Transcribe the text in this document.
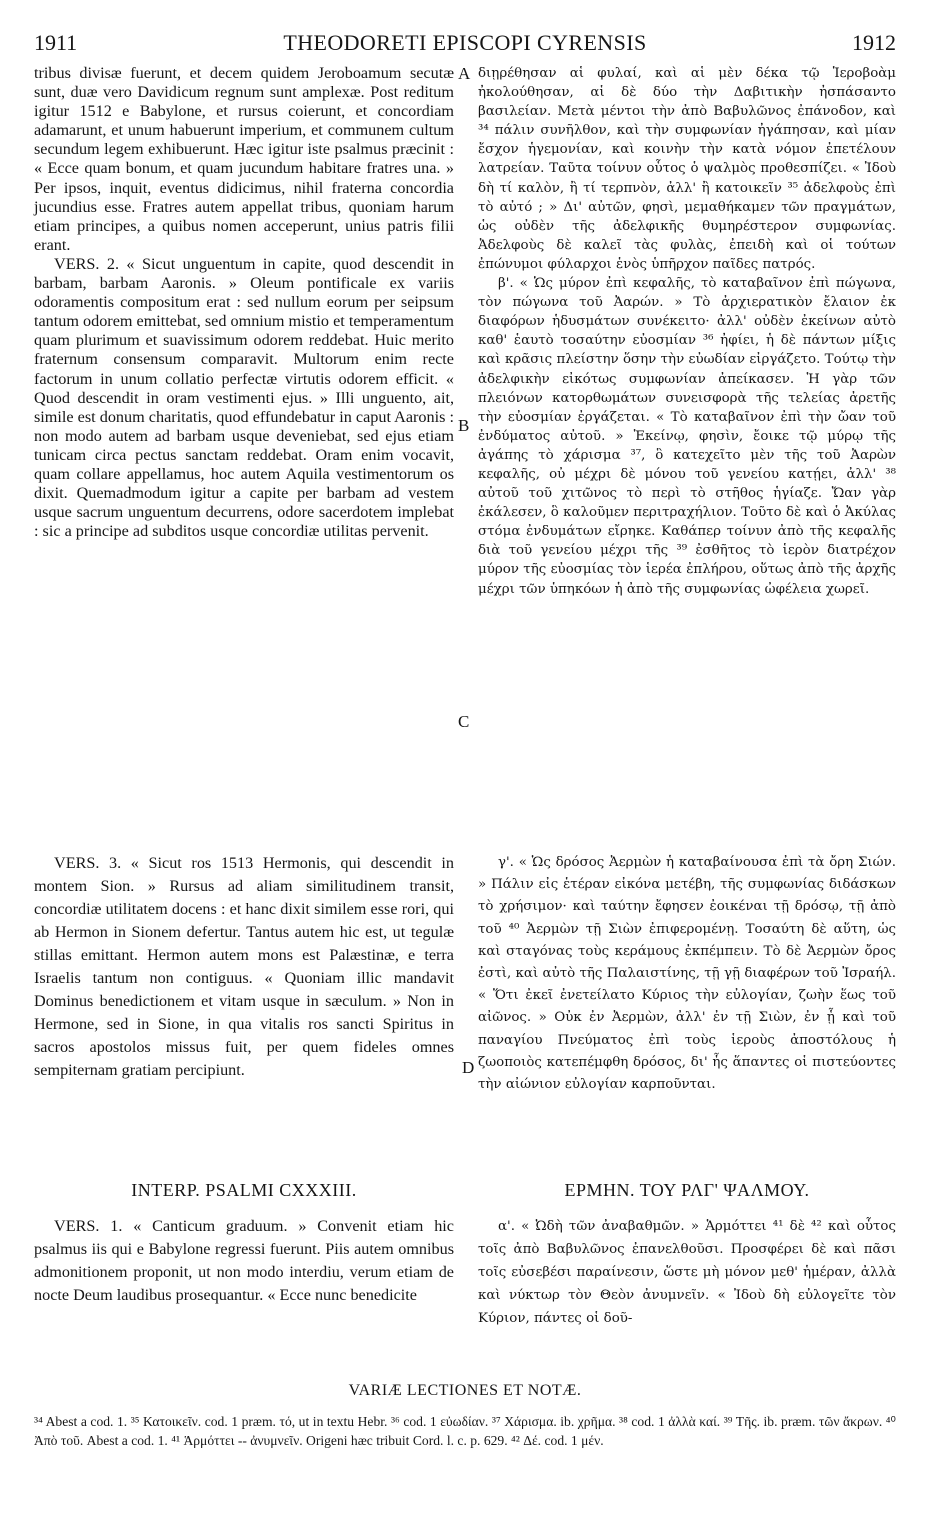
1911	THEODORETI EPISCOPI CYRENSIS	1912

tribus divisæ fuerunt, et decem quidem Jeroboamum secutæ sunt, duæ vero Davidicum regnum sunt amplexæ. Post reditum igitur 1512 e Babylone, et rursus coierunt, et concordiam adamarunt, et unum habuerunt imperium, et communem cultum secundum legem exhibuerunt. Hæc igitur iste psalmus præcinit : « Ecce quam bonum, et quam jucundum habitare fratres una. » Per ipsos, inquit, eventus didicimus, nihil fraterna concordia jucundius esse. Fratres autem appellat tribus, quoniam harum etiam principes, a quibus nomen acceperunt, unius patris filii erant.

VERS. 2. « Sicut unguentum in capite, quod descendit in barbam, barbam Aaronis. » Oleum pontificale ex variis odoramentis compositum erat : sed nullum eorum per seipsum tantum odorem emittebat, sed omnium mistio et temperamentum quam plurimum et suavissimum odorem reddebat. Huic merito fraternum consensum comparavit. Multorum enim recte factorum in unum collatio perfectæ virtutis odorem efficit. « Quod descendit in oram vestimenti ejus. » Illi unguento, ait, simile est donum charitatis, quod effundebatur in caput Aaronis : non modo autem ad barbam usque deveniebat, sed ejus etiam tunicam circa pectus sanctam reddebat. Oram enim vocavit, quam collare appellamus, hoc autem Aquila vestimentorum os dixit. Quemadmodum igitur a capite per barbam ad vestem usque sacrum unguentum decurrens, odore sacerdotem implebat : sic a principe ad subditos usque concordiæ utilitas pervenit.

VERS. 3. « Sicut ros 1513 Hermonis, qui descendit in montem Sion. » Rursus ad aliam similitudinem transit, concordiæ utilitatem docens : et hanc dixit similem esse rori, qui ab Hermon in Sionem defertur. Tantus autem hic est, ut tegulæ stillas emittant. Hermon autem mons est Palæstinæ, e terra Israelis tantum non contiguus. « Quoniam illic mandavit Dominus benedictionem et vitam usque in sæculum. » Non in Hermone, sed in Sione, in qua vitalis ros sancti Spiritus in sacros apostolos missus fuit, per quem fideles omnes sempiternam gratiam percipiunt.

INTERP. PSALMI CXXXIII.

VERS. 1. « Canticum graduum. » Convenit etiam hic psalmus iis qui e Babylone regressi fuerunt. Piis autem omnibus admonitionem proponit, ut non modo interdiu, verum etiam de nocte Deum laudibus prosequantur. « Ecce nunc benedicite

A
B
C
D

διῃρέθησαν αἱ φυλαί, καὶ αἱ μὲν δέκα τῷ Ἱεροβοὰμ ἠκολούθησαν, αἱ δὲ δύο τὴν Δαβιτικὴν ἠσπάσαντο βασιλείαν. Μετὰ μέντοι τὴν ἀπὸ Βαβυλῶνος ἐπάνοδον, καὶ ³⁴ πάλιν συνῆλθον, καὶ τὴν συμφωνίαν ἠγάπησαν, καὶ μίαν ἔσχον ἡγεμονίαν, καὶ κοινὴν τὴν κατὰ νόμον ἐπετέλουν λατρείαν. Ταῦτα τοίνυν οὗτος ὁ ψαλμὸς προθεσπίζει. « Ἰδοὺ δὴ τί καλὸν, ἢ τί τερπνὸν, ἀλλ' ἢ κατοικεῖν ³⁵ ἀδελφοὺς ἐπὶ τὸ αὐτό ; » Δι' αὐτῶν, φησὶ, μεμαθήκαμεν τῶν πραγμάτων, ὡς οὐδὲν τῆς ἀδελφικῆς θυμηρέστερον συμφωνίας. Ἀδελφοὺς δὲ καλεῖ τὰς φυλὰς, ἐπειδὴ καὶ οἱ τούτων ἐπώνυμοι φύλαρχοι ἑνὸς ὑπῆρχον παῖδες πατρός.

β'. « Ὡς μύρον ἐπὶ κεφαλῆς, τὸ καταβαῖνον ἐπὶ πώγωνα, τὸν πώγωνα τοῦ Ἀαρών. » Τὸ ἀρχιερατικὸν ἔλαιον ἐκ διαφόρων ἡδυσμάτων συνέκειτο· ἀλλ' οὐδὲν ἐκείνων αὐτὸ καθ' ἑαυτὸ τοσαύτην εὐοσμίαν ³⁶ ἠφίει, ἡ δὲ πάντων μίξις καὶ κρᾶσις πλείστην ὅσην τὴν εὐωδίαν εἰργάζετο. Τούτῳ τὴν ἀδελφικὴν εἰκότως συμφωνίαν ἀπείκασεν. Ἡ γὰρ τῶν πλειόνων κατορθωμάτων συνεισφορὰ τῆς τελείας ἀρετῆς τὴν εὐοσμίαν ἐργάζεται. « Τὸ καταβαῖνον ἐπὶ τὴν ὤαν τοῦ ἐνδύματος αὐτοῦ. » Ἐκείνῳ, φησὶν, ἔοικε τῷ μύρῳ τῆς ἀγάπης τὸ χάρισμα ³⁷, ὃ κατεχεῖτο μὲν τῆς τοῦ Ἀαρὼν κεφαλῆς, οὐ μέχρι δὲ μόνου τοῦ γενείου κατῄει, ἀλλ' ³⁸ αὐτοῦ τοῦ χιτῶνος τὸ περὶ τὸ στῆθος ἡγίαζε. Ὤαν γὰρ ἐκάλεσεν, ὃ καλοῦμεν περιτραχήλιον. Τοῦτο δὲ καὶ ὁ Ἀκύλας στόμα ἐνδυμάτων εἴρηκε. Καθάπερ τοίνυν ἀπὸ τῆς κεφαλῆς διὰ τοῦ γενείου μέχρι τῆς ³⁹ ἐσθῆτος τὸ ἱερὸν διατρέχον μύρον τῆς εὐοσμίας τὸν ἱερέα ἐπλήρου, οὕτως ἀπὸ τῆς ἀρχῆς μέχρι τῶν ὑπηκόων ἡ ἀπὸ τῆς συμφωνίας ὠφέλεια χωρεῖ.

γ'. « Ὡς δρόσος Ἀερμὼν ἡ καταβαίνουσα ἐπὶ τὰ ὄρη Σιών. » Πάλιν εἰς ἑτέραν εἰκόνα μετέβη, τῆς συμφωνίας διδάσκων τὸ χρήσιμον· καὶ ταύτην ἔφησεν ἐοικέναι τῇ δρόσῳ, τῇ ἀπὸ τοῦ ⁴⁰ Ἀερμὼν τῇ Σιὼν ἐπιφερομένῃ. Τοσαύτη δὲ αὕτη, ὡς καὶ σταγόνας τοὺς κεράμους ἐκπέμπειν. Τὸ δὲ Ἀερμὼν ὄρος ἐστὶ, καὶ αὐτὸ τῆς Παλαιστίνης, τῇ γῇ διαφέρων τοῦ Ἰσραήλ. « Ὅτι ἐκεῖ ἐνετείλατο Κύριος τὴν εὐλογίαν, ζωὴν ἕως τοῦ αἰῶνος. » Οὐκ ἐν Ἀερμὼν, ἀλλ' ἐν τῇ Σιὼν, ἐν ᾗ καὶ τοῦ παναγίου Πνεύματος ἐπὶ τοὺς ἱεροὺς ἀποστόλους ἡ ζωοποιὸς κατεπέμφθη δρόσος, δι' ἧς ἅπαντες οἱ πιστεύοντες τὴν αἰώνιον εὐλογίαν καρποῦνται.

ΕΡΜΗΝ. ΤΟΥ ΡΛΓ' ΨΑΛΜΟΥ.

α'. « Ὠδὴ τῶν ἀναβαθμῶν. » Ἁρμόττει ⁴¹ δὲ ⁴² καὶ οὗτος τοῖς ἀπὸ Βαβυλῶνος ἐπανελθοῦσι. Προσφέρει δὲ καὶ πᾶσι τοῖς εὐσεβέσι παραίνεσιν, ὥστε μὴ μόνον μεθ' ἡμέραν, ἀλλὰ καὶ νύκτωρ τὸν Θεὸν ἀνυμνεῖν. « Ἰδοὺ δὴ εὐλογεῖτε τὸν Κύριον, πάντες οἱ δοῦ-

VARIÆ LECTIONES ET NOTÆ.

³⁴ Abest a cod. 1. ³⁵ Κατοικεῖν. cod. 1 præm. τό, ut in textu Hebr. ³⁶ cod. 1 εὐωδίαν. ³⁷ Χάρισμα. ib. χρῆμα. ³⁸ cod. 1 ἀλλὰ καί. ³⁹ Τῆς. ib. præm. τῶν ἄκρων. ⁴⁰ Ἀπὸ τοῦ. Abest a cod. 1. ⁴¹ Ἁρμόττει -- ἀνυμνεῖν. Origeni hæc tribuit Cord. l. c. p. 629. ⁴² Δέ. cod. 1 μέν.
